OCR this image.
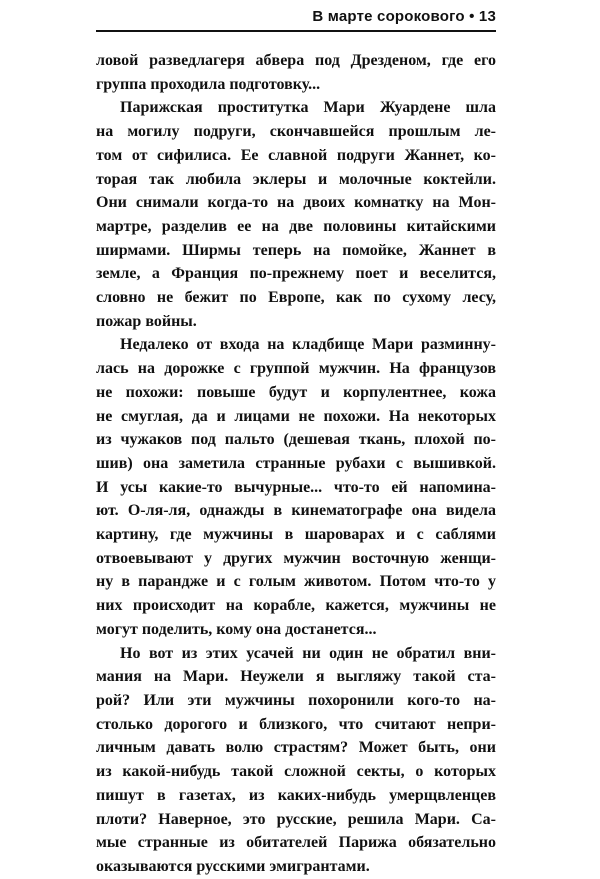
В марте сорокового • 13

ловой разведлагеря абвера под Дрезденом, где его
группа проходила подготовку...

Парижская проститутка Мари Жуардене шла
на могилу подруги, скончавшейся прошлым ле-
том от сифилиса. Ее славной подруги Жаннет, ко-
торая так любила эклеры и молочные коктейли.
Они снимали когда-то на двоих комнатку на Мон-
мартре, разделив ее на две половины китайскими
ширмами. Ширмы теперь на помойке, Жаннет в
земле, а Франция по-прежнему поет и веселится,
словно не бежит по Европе, как по сухому лесу,
пожар войны.

Недалеко от входа на кладбище Мари разминну-
лась на дорожке с группой мужчин. На французов
не похожи: повыше будут и корпулентнее, кожа
не смуглая, да и лицами не похожи. На некоторых
из чужаков под пальто (дешевая ткань, плохой по-
шив) она заметила странные рубахи с вышивкой.
И усы какие-то вычурные... что-то ей напомина-
ют. О-ля-ля, однажды в кинематографе она видела
картину, где мужчины в шароварах и с саблями
отвоевывают у других мужчин восточную женщи-
ну в парандже и с голым животом. Потом что-то у
них происходит на корабле, кажется, мужчины не
могут поделить, кому она достанется...

Но вот из этих усачей ни один не обратил вни-
мания на Мари. Неужели я выгляжу такой ста-
рой? Или эти мужчины похоронили кого-то на-
столько дорогого и близкого, что считают непри-
личным давать волю страстям? Может быть, они
из какой-нибудь такой сложной секты, о которых
пишут в газетах, из каких-нибудь умерщвленцев
плоти? Наверное, это русские, решила Мари. Са-
мые странные из обитателей Парижа обязательно
оказываются русскими эмигрантами.
